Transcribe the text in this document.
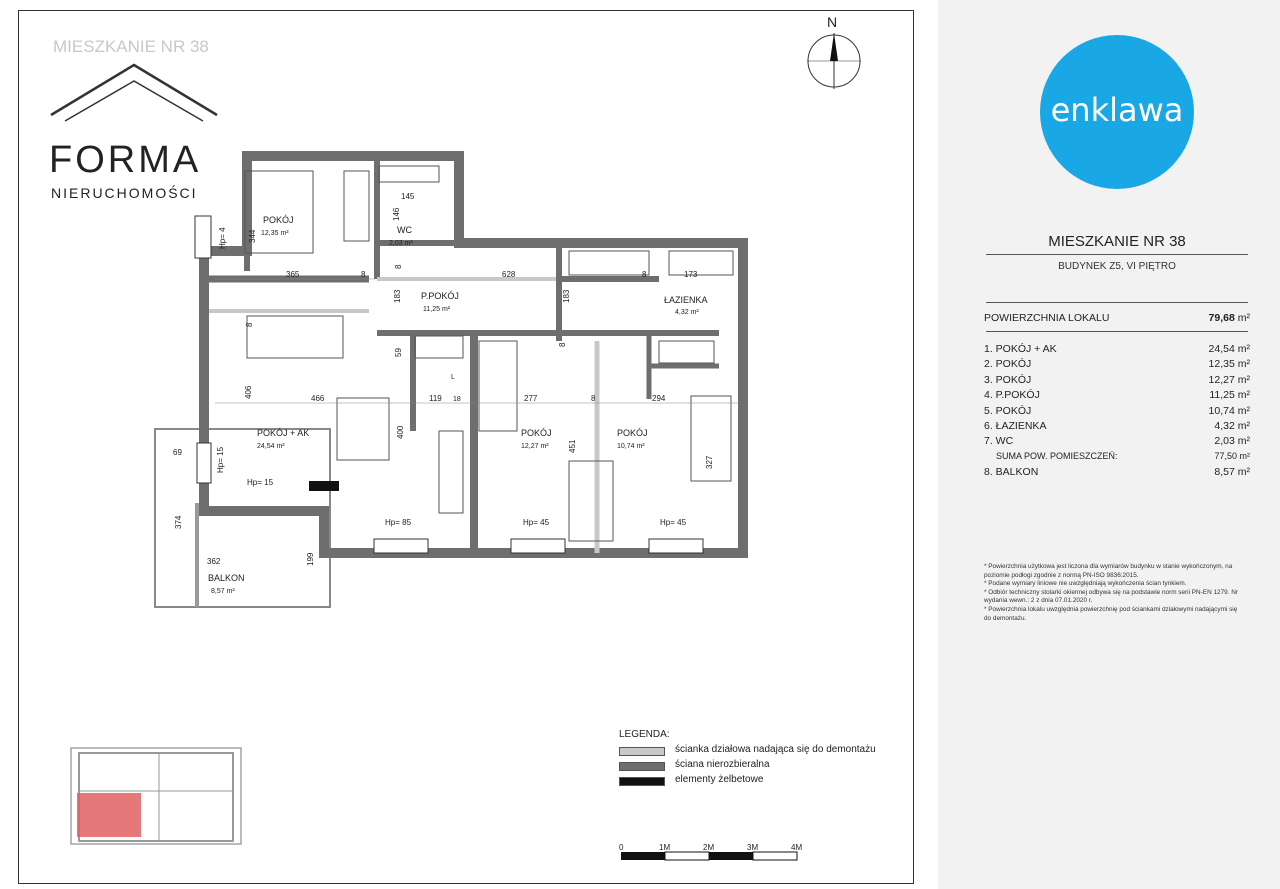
MIESZKANIE NR 38
FORMA
NIERUCHOMOŚCI
N
POKÓJ
12,35 m²	WC
2,03 m²
P.POKÓJ
11,25 m²
ŁAZIENKA
4,32 m²
POKÓJ + AK
24,54 m²
POKÓJ
12,27 m²
POKÓJ
10,74 m²
BALKON
8,57 m²
365	628	173
466	119	277	294
406
183	183
344
374
362	199
69	451
327
400
145
146
59
8	8
8
8
8
8
18
L
Hp= 85	Hp= 45	Hp= 45
Hp= 15
Hp= 15
Hp= 4
LEGENDA:
ścianka działowa nadająca się do demontażu
ściana nierozbieralna
elementy żelbetowe
0	1M	2M	3M	4M
enklawa
MIESZKANIE NR 38
BUDYNEK Z5, VI PIĘTRO
POWIERZCHNIA LOKALU	79,68 m²
1. POKÓJ + AK	24,54 m²
2. POKÓJ	12,35 m²
3. POKÓJ	12,27 m²
4. P.POKÓJ	11,25 m²
5. POKÓJ	10,74 m²
6. ŁAZIENKA	4,32 m²
7. WC	2,03 m²
SUMA POW. POMIESZCZEŃ:	77,50 m²
8. BALKON	8,57 m²
* Powierzchnia użytkowa jest liczona dla wymiarów budynku w stanie wykończonym, na poziomie podłogi zgodnie z normą PN-ISO 9836:2015.
* Podane wymiary liniowe nie uwzględniają wykończenia ścian tynkiem.
* Odbiór techniczny stolarki okiennej odbywa się na podstawie norm serii PN-EN 1279. Nr wydania wewn.: 2 z dnia 07.01.2020 r.
* Powierzchnia lokalu uwzględnia powierzchnię pod ściankami działowymi nadającymi się do demontażu.
